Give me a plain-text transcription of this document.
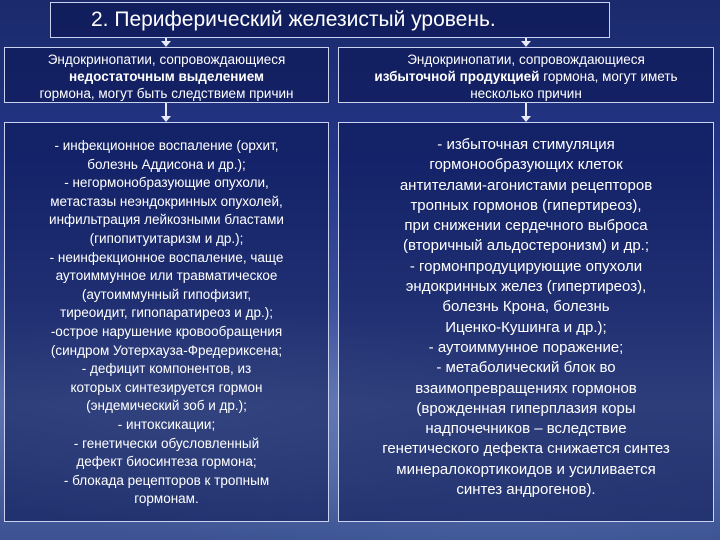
2. Периферический железистый уровень.
Эндокринопатии, сопровождающиеся
недостаточным выделением
гормона, могут быть следствием причин
Эндокринопатии, сопровождающиеся
избыточной продукцией гормона, могут иметь
несколько причин
- инфекционное воспаление (орхит,
болезнь Аддисона и др.);
- негормонобразующие опухоли,
метастазы неэндокринных опухолей,
инфильтрация лейкозными бластами
(гипопитуитаризм и др.);
- неинфекционное воспаление, чаще
аутоиммунное или травматическое
(аутоиммунный гипофизит,
тиреоидит, гипопаратиреоз и др.);
-острое нарушение кровообращения
(синдром Уотерхауза-Фредериксена;
- дефицит компонентов, из
которых синтезируется гормон
(эндемический зоб и др.);
- интоксикации;
- генетически обусловленный
дефект биосинтеза гормона;
- блокада рецепторов к тропным
гормонам.
- избыточная стимуляция
гормонообразующих клеток
антителами-агонистами рецепторов
тропных гормонов (гипертиреоз),
при снижении сердечного выброса
(вторичный альдостеронизм) и др.;
- гормонпродуцирующие опухоли
эндокринных желез (гипертиреоз),
болезнь Крона, болезнь
Иценко-Кушинга и др.);
- аутоиммунное поражение;
- метаболический блок во
взаимопревращениях гормонов
(врожденная гиперплазия коры
надпочечников – вследствие
генетического дефекта снижается синтез
минералокортикоидов и усиливается
синтез андрогенов).
